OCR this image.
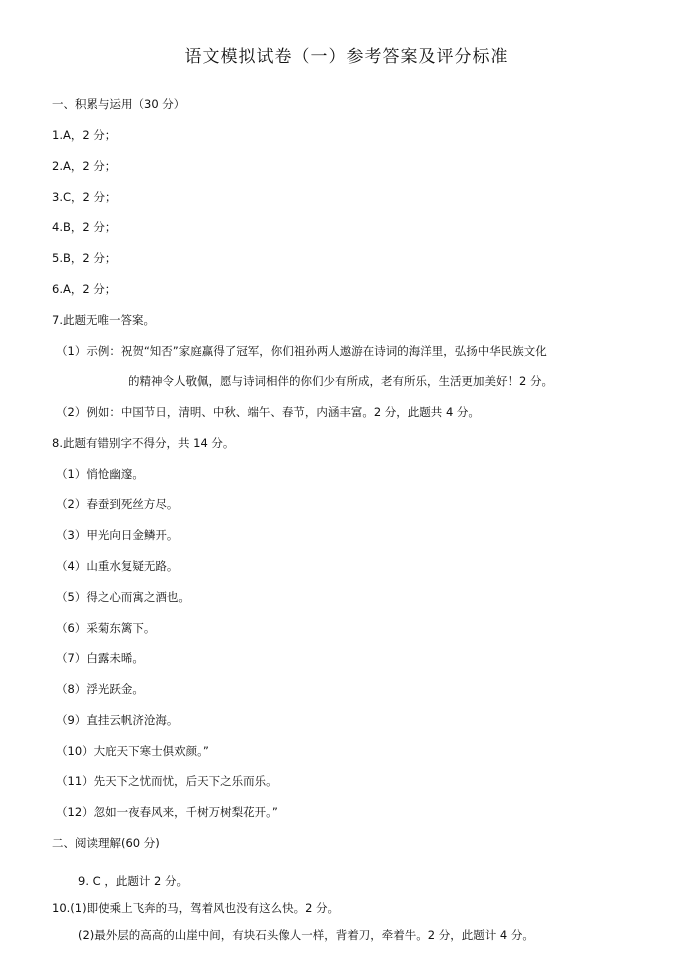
语文模拟试卷（一）参考答案及评分标准
一、积累与运用（30 分）
1.A，2 分；
2.A，2 分；
3.C，2 分；
4.B，2 分；
5.B，2 分；
6.A，2 分；
7.此题无唯一答案。
（1）示例：祝贺“知否”家庭赢得了冠军，你们祖孙两人遨游在诗词的海洋里，弘扬中华民族文化
的精神令人敬佩，愿与诗词相伴的你们少有所成，老有所乐，生活更加美好！2 分。
（2）例如：中国节日，清明、中秋、端午、春节，内涵丰富。2 分，此题共 4 分。
8.此题有错别字不得分，共 14 分。
（1）悄怆幽邃。
（2）春蚕到死丝方尽。
（3）甲光向日金鳞开。
（4）山重水复疑无路。
（5）得之心而寓之酒也。
（6）采菊东篱下。
（7）白露未晞。
（8）浮光跃金。
（9）直挂云帆济沧海。
（10）大庇天下寒士俱欢颜。”
（11）先天下之忧而忧，后天下之乐而乐。
（12）忽如一夜春风来，千树万树梨花开。”
二、阅读理解(60 分)
9. C ，此题计 2 分。
10.(1)即使乘上飞奔的马，驾着风也没有这么快。2 分。
(2)最外层的高高的山崖中间，有块石头像人一样，背着刀，牵着牛。2 分，此题计 4 分。
